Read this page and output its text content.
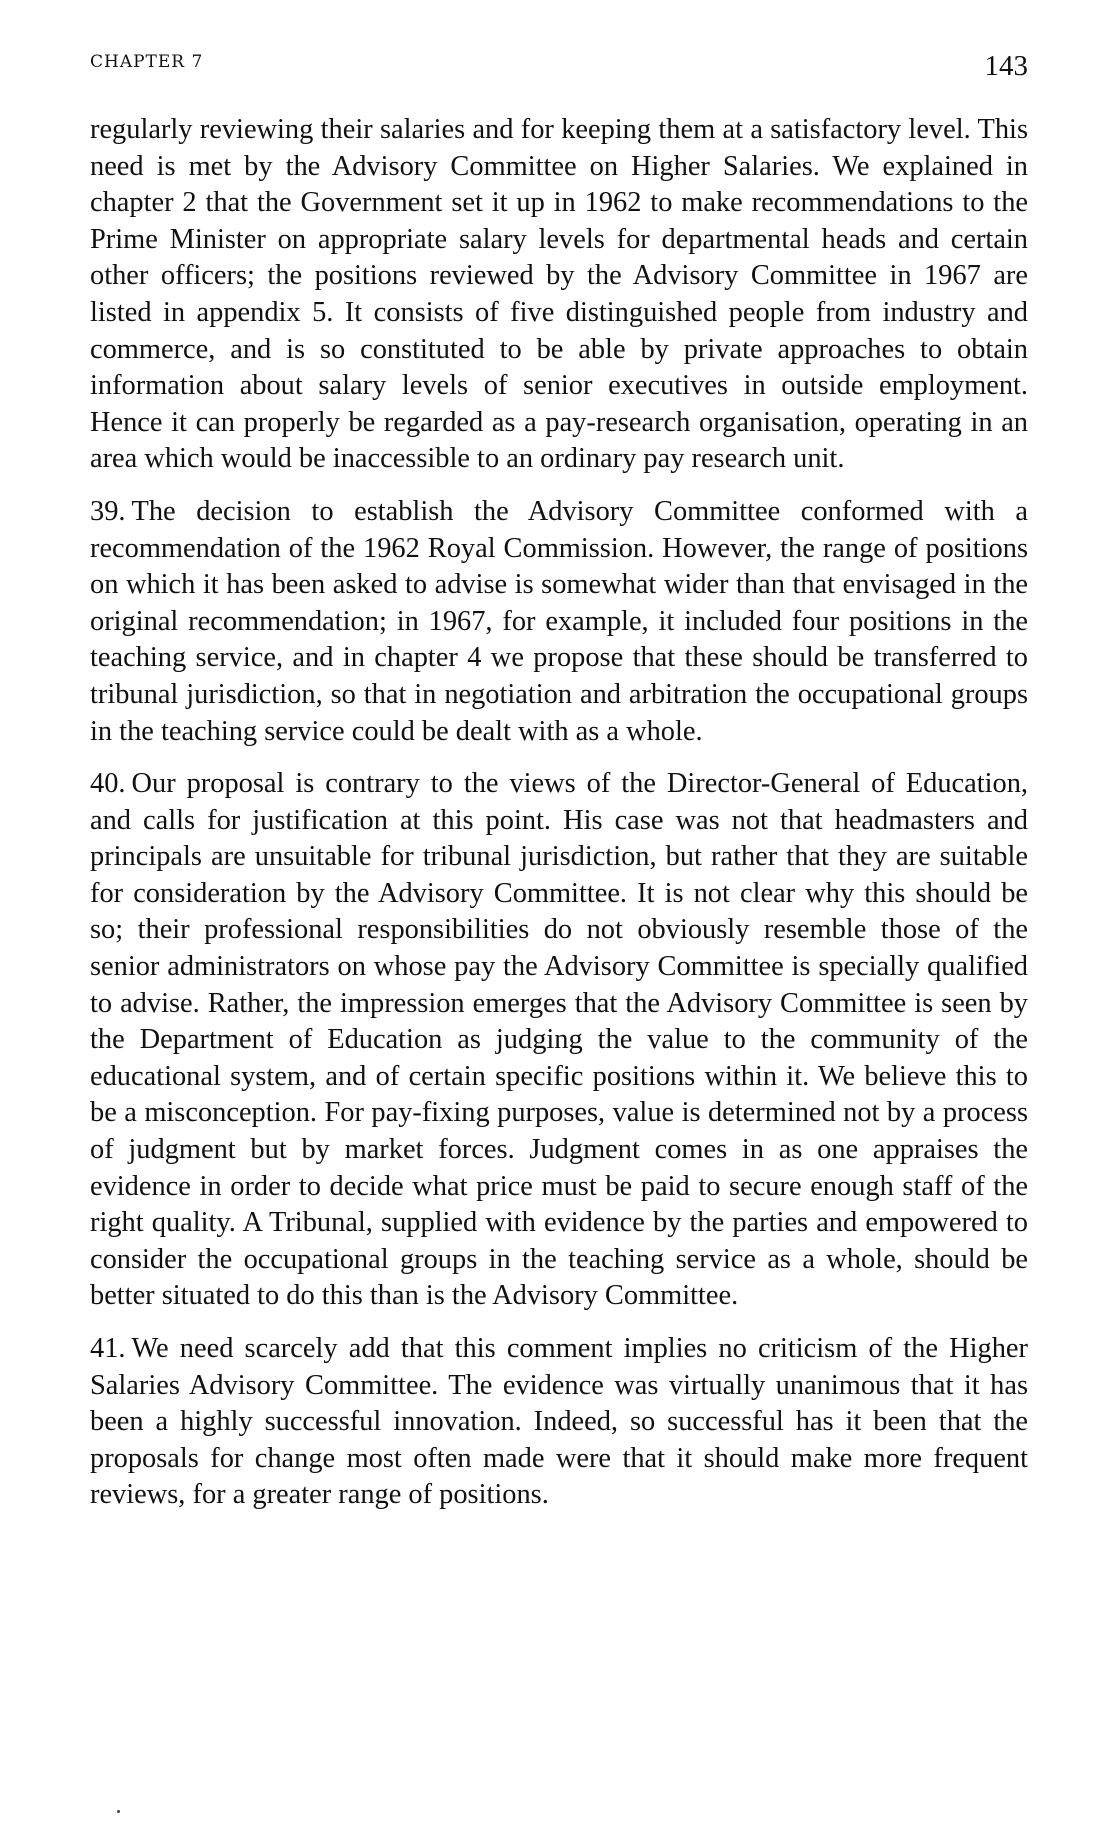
CHAPTER 7	143

regularly reviewing their salaries and for keeping them at a satisfactory level. This need is met by the Advisory Committee on Higher Salaries. We explained in chapter 2 that the Government set it up in 1962 to make recommendations to the Prime Minister on appropriate salary levels for departmental heads and certain other officers; the positions reviewed by the Advisory Committee in 1967 are listed in appendix 5. It consists of five distinguished people from industry and commerce, and is so constituted to be able by private approaches to obtain information about salary levels of senior executives in outside employment. Hence it can properly be regarded as a pay-research organisation, operating in an area which would be inaccessible to an ordinary pay research unit.

39. The decision to establish the Advisory Committee conformed with a recommendation of the 1962 Royal Commission. However, the range of positions on which it has been asked to advise is somewhat wider than that envisaged in the original recommendation; in 1967, for example, it included four positions in the teaching service, and in chapter 4 we propose that these should be transferred to tribunal jurisdiction, so that in negotiation and arbitration the occupational groups in the teaching service could be dealt with as a whole.

40. Our proposal is contrary to the views of the Director-General of Education, and calls for justification at this point. His case was not that headmasters and principals are unsuitable for tribunal jurisdiction, but rather that they are suitable for consideration by the Advisory Committee. It is not clear why this should be so; their professional responsibilities do not obviously resemble those of the senior administrators on whose pay the Advisory Committee is specially qualified to advise. Rather, the impression emerges that the Advisory Committee is seen by the Department of Education as judging the value to the community of the educational system, and of certain specific positions within it. We believe this to be a misconception. For pay-fixing purposes, value is determined not by a process of judgment but by market forces. Judgment comes in as one appraises the evidence in order to decide what price must be paid to secure enough staff of the right quality. A Tribunal, supplied with evidence by the parties and empowered to consider the occupational groups in the teaching service as a whole, should be better situated to do this than is the Advisory Committee.

41. We need scarcely add that this comment implies no criticism of the Higher Salaries Advisory Committee. The evidence was virtually unanimous that it has been a highly successful innovation. Indeed, so successful has it been that the proposals for change most often made were that it should make more frequent reviews, for a greater range of positions.
